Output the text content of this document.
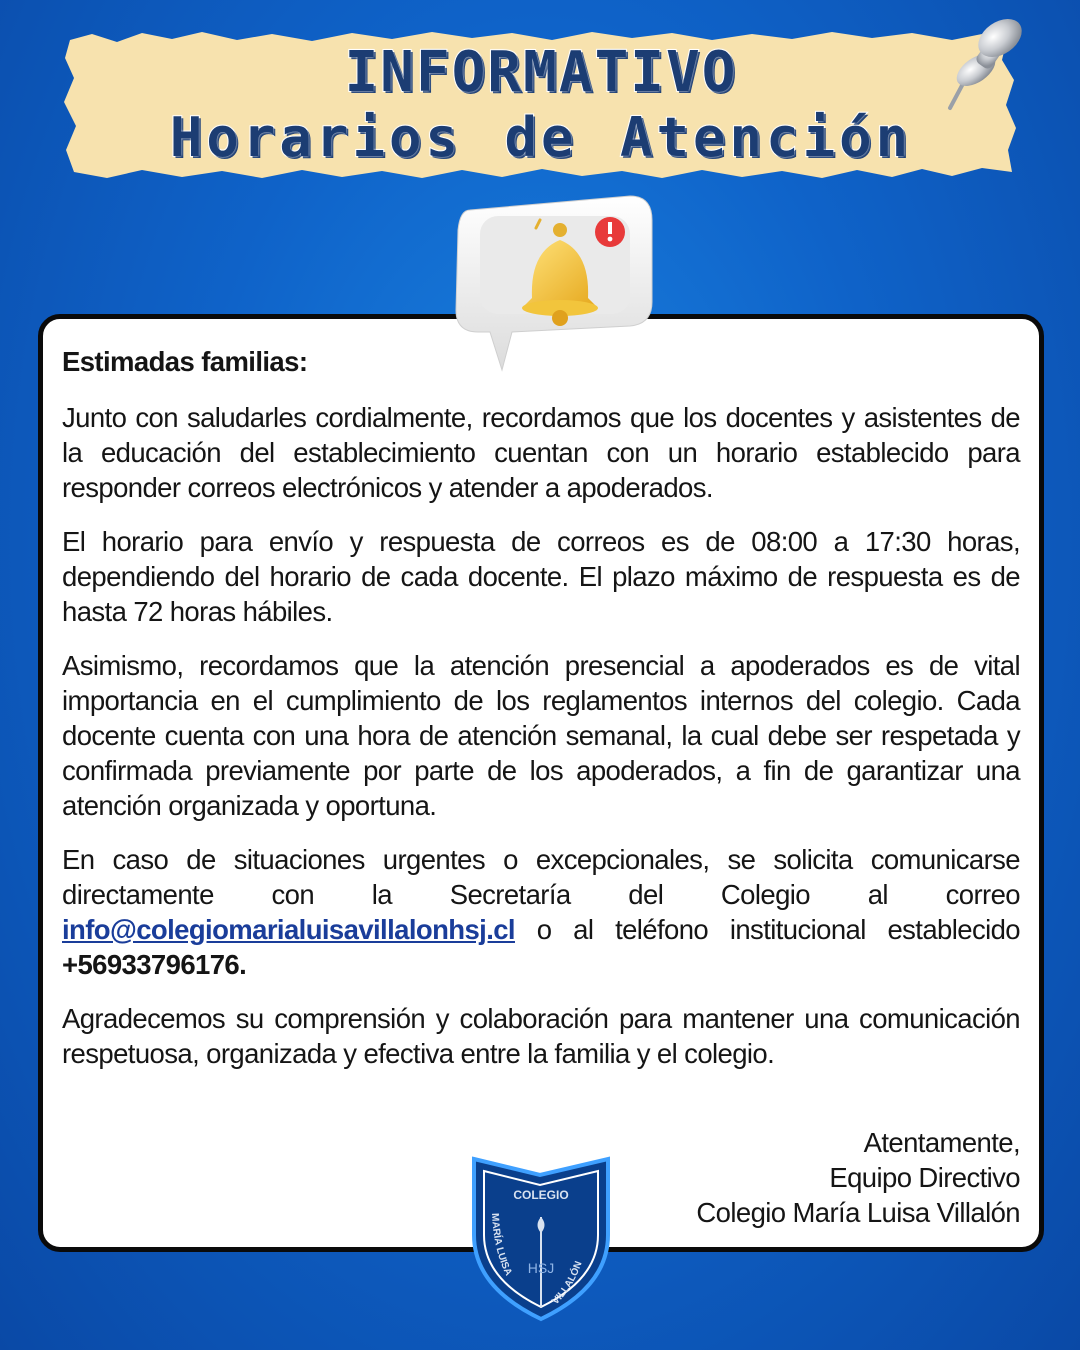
INFORMATIVO
Horarios de Atención

Estimadas familias:

Junto con saludarles cordialmente, recordamos que los docentes y asistentes de la educación del establecimiento cuentan con un horario establecido para responder correos electrónicos y atender a apoderados.

El horario para envío y respuesta de correos es de 08:00 a 17:30 horas, dependiendo del horario de cada docente. El plazo máximo de respuesta es de hasta 72 horas hábiles.

Asimismo, recordamos que la atención presencial a apoderados es de vital importancia en el cumplimiento de los reglamentos internos del colegio. Cada docente cuenta con una hora de atención semanal, la cual debe ser respetada y confirmada previamente por parte de los apoderados, a fin de garantizar una atención organizada y oportuna.

En caso de situaciones urgentes o excepcionales, se solicita comunicarse directamente con la Secretaría del Colegio al correo info@colegiomarialuisavillalonhsj.cl o al teléfono institucional establecido +56933796176.

Agradecemos su comprensión y colaboración para mantener una comunicación respetuosa, organizada y efectiva entre la familia y el colegio.

Atentamente,
Equipo Directivo
Colegio María Luisa Villalón
COLEGIO
MARÍA LUISA
VILLALÓN
HSJ
